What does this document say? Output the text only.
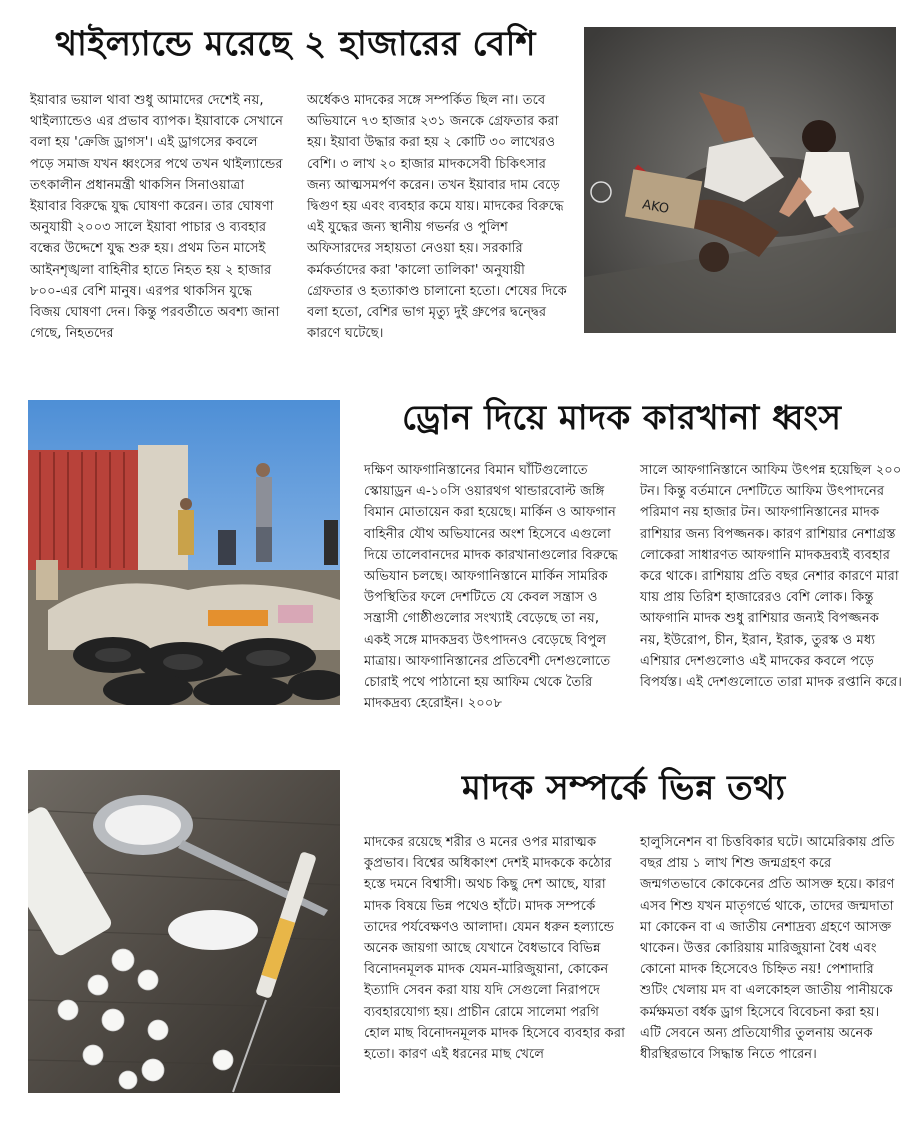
থাইল্যান্ডে মরেছে ২ হাজারের বেশি

ইয়াবার ভয়াল থাবা শুধু আমাদের দেশেই নয়, থাইল্যান্ডেও এর প্রভাব ব্যাপক। ইয়াবাকে সেখানে বলা হয় 'ক্রেজি ড্রাগস'। এই ড্রাগসের কবলে পড়ে সমাজ যখন ধ্বংসের পথে তখন থাইল্যান্ডের তৎকালীন প্রধানমন্ত্রী থাকসিন সিনাওয়াত্রা ইয়াবার বিরুদ্ধে যুদ্ধ ঘোষণা করেন। তার ঘোষণা অনুযায়ী ২০০৩ সালে ইয়াবা পাচার ও ব্যবহার বন্ধের উদ্দেশে যুদ্ধ শুরু হয়। প্রথম তিন মাসেই আইনশৃঙ্খলা বাহিনীর হাতে নিহত হয় ২ হাজার ৮০০-এর বেশি মানুষ। এরপর থাকসিন যুদ্ধে বিজয় ঘোষণা দেন। কিন্তু পরবর্তীতে অবশ্য জানা গেছে, নিহতদের

অর্ধেকও মাদকের সঙ্গে সম্পর্কিত ছিল না। তবে অভিযানে ৭৩ হাজার ২৩১ জনকে গ্রেফতার করা হয়। ইয়াবা উদ্ধার করা হয় ২ কোটি ৩০ লাখেরও বেশি। ৩ লাখ ২০ হাজার মাদকসেবী চিকিৎসার জন্য আত্মসমর্পণ করেন। তখন ইয়াবার দাম বেড়ে দ্বিগুণ হয় এবং ব্যবহার কমে যায়। মাদকের বিরুদ্ধে এই যুদ্ধের জন্য স্থানীয় গভর্নর ও পুলিশ অফিসারদের সহায়তা নেওয়া হয়। সরকারি কর্মকর্তাদের করা 'কালো তালিকা' অনুযায়ী গ্রেফতার ও হত্যাকাণ্ড চালানো হতো। শেষের দিকে বলা হতো, বেশির ভাগ মৃত্যু দুই গ্রুপের দ্বন্দ্বের কারণে ঘটেছে।

AKO
ড্রোন দিয়ে মাদক কারখানা ধ্বংস

দক্ষিণ আফগানিস্তানের বিমান ঘাঁটিগুলোতে স্কোয়াড্রন এ-১০সি ওয়ারথগ থান্ডারবোল্ট জঙ্গি বিমান মোতায়েন করা হয়েছে। মার্কিন ও আফগান বাহিনীর যৌথ অভিযানের অংশ হিসেবে এগুলো দিয়ে তালেবানদের মাদক কারখানাগুলোর বিরুদ্ধে অভিযান চলছে। আফগানিস্তানে মার্কিন সামরিক উপস্থিতির ফলে দেশটিতে যে কেবল সন্ত্রাস ও সন্ত্রাসী গোষ্ঠীগুলোর সংখ্যাই বেড়েছে তা নয়, একই সঙ্গে মাদকদ্রব্য উৎপাদনও বেড়েছে বিপুল মাত্রায়। আফগানিস্তানের প্রতিবেশী দেশগুলোতে চোরাই পথে পাঠানো হয় আফিম থেকে তৈরি মাদকদ্রব্য হেরোইন। ২০০৮

সালে আফগানিস্তানে আফিম উৎপন্ন হয়েছিল ২০০ টন। কিন্তু বর্তমানে দেশটিতে আফিম উৎপাদনের পরিমাণ নয় হাজার টন। আফগানিস্তানের মাদক রাশিয়ার জন্য বিপজ্জনক। কারণ রাশিয়ার নেশাগ্রস্ত লোকেরা সাধারণত আফগানি মাদকদ্রব্যই ব্যবহার করে থাকে। রাশিয়ায় প্রতি বছর নেশার কারণে মারা যায় প্রায় তিরিশ হাজারেরও বেশি লোক। কিন্তু আফগানি মাদক শুধু রাশিয়ার জন্যই বিপজ্জনক নয়, ইউরোপ, চীন, ইরান, ইরাক, তুরস্ক ও মধ্য এশিয়ার দেশগুলোও এই মাদকের কবলে পড়ে বিপর্যস্ত। এই দেশগুলোতে তারা মাদক রপ্তানি করে।

মাদক সম্পর্কে ভিন্ন তথ্য

মাদকের রয়েছে শরীর ও মনের ওপর মারাত্মক কুপ্রভাব। বিশ্বের অধিকাংশ দেশই মাদককে কঠোর হস্তে দমনে বিশ্বাসী। অথচ কিছু দেশ আছে, যারা মাদক বিষয়ে ভিন্ন পথেও হাঁটে। মাদক সম্পর্কে তাদের পর্যবেক্ষণও আলাদা। যেমন ধরুন হল্যান্ডে অনেক জায়গা আছে যেখানে বৈধভাবে বিভিন্ন বিনোদনমূলক মাদক যেমন-মারিজুয়ানা, কোকেন ইত্যাদি সেবন করা যায় যদি সেগুলো নিরাপদে ব্যবহারযোগ্য হয়। প্রাচীন রোমে সালেমা পরগি হোল মাছ বিনোদনমূলক মাদক হিসেবে ব্যবহার করা হতো। কারণ এই ধরনের মাছ খেলে

হালুসিনেশন বা চিত্তবিকার ঘটে। আমেরিকায় প্রতি বছর প্রায় ১ লাখ শিশু জন্মগ্রহণ করে জন্মগতভাবে কোকেনের প্রতি আসক্ত হয়ে। কারণ এসব শিশু যখন মাতৃগর্ভে থাকে, তাদের জন্মদাতা মা কোকেন বা এ জাতীয় নেশাদ্রব্য গ্রহণে আসক্ত থাকেন। উত্তর কোরিয়ায় মারিজুয়ানা বৈধ এবং কোনো মাদক হিসেবেও চিহ্নিত নয়! পেশাদারি শুটিং খেলায় মদ বা এলকোহল জাতীয় পানীয়কে কর্মক্ষমতা বর্ধক ড্রাগ হিসেবে বিবেচনা করা হয়। এটি সেবনে অন্য প্রতিযোগীর তুলনায় অনেক ধীরস্থিরভাবে সিদ্ধান্ত নিতে পারেন।
